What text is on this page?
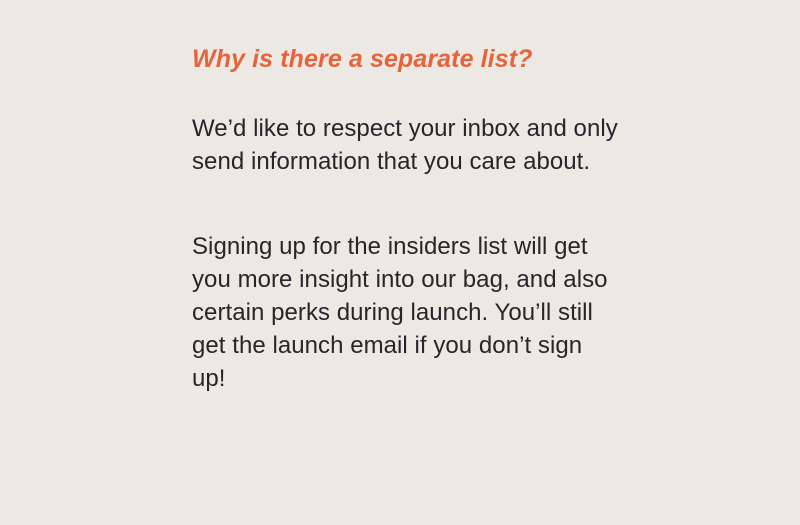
Why is there a separate list?

We’d like to respect your inbox and only send information that you care about.

Signing up for the insiders list will get you more insight into our bag, and also certain perks during launch. You’ll still get the launch email if you don’t sign up!
